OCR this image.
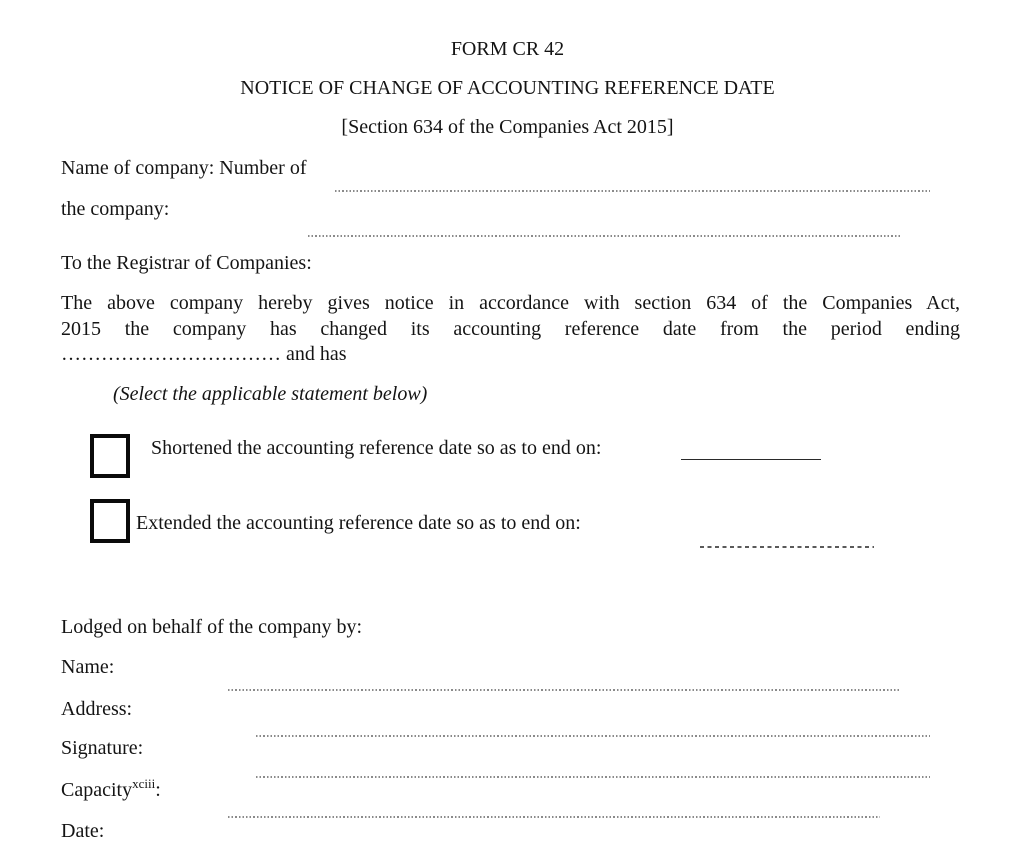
FORM CR 42
NOTICE OF CHANGE OF ACCOUNTING REFERENCE DATE
[Section 634 of the Companies Act 2015]
Name of company: Number of
the company:
To the Registrar of Companies:
The above company hereby gives notice in accordance with section 634 of the Companies Act,
2015 the company has changed its accounting reference date from the period ending
…………………………… and has
(Select the applicable statement below)
Shortened the accounting reference date so as to end on:
Extended the accounting reference date so as to end on:
Lodged on behalf of the company by:
Name:
Address:
Signature:
Capacity$^{xciii}$:
Date:
